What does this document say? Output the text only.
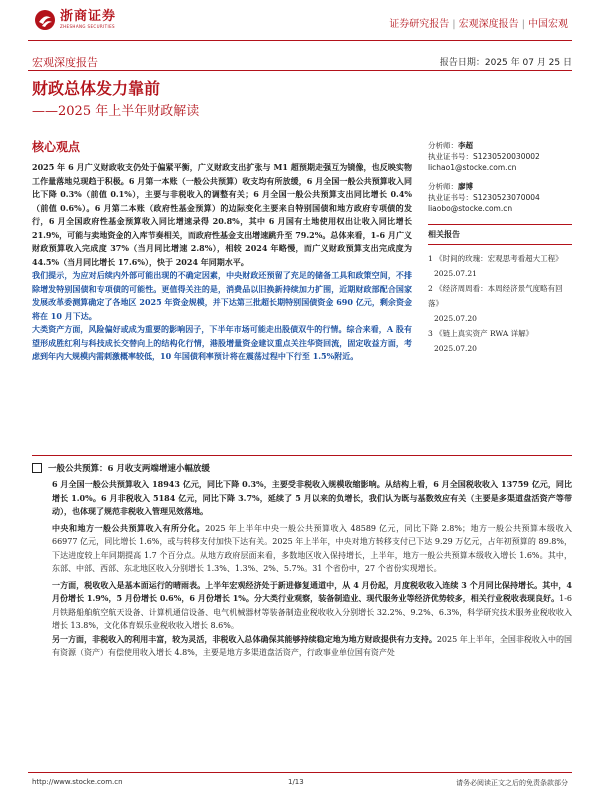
浙商证券
ZHESHANG SECURITIES	证券研究报告 | 宏观深度报告 | 中国宏观
宏观深度报告	报告日期：2025 年 07 月 25 日
财政总体发力靠前
——2025 年上半年财政解读
核心观点

2025 年 6 月广义财政收支仍处于偏紧平衡，广义财政支出扩张与 M1 超预期走强互为镜像，也反映实物工作量落地兑现趋于积极。6 月第一本账（一般公共预算）收支均有所放缓，6 月全国一般公共预算收入同比下降 0.3%（前值 0.1%），主要与非税收入的调整有关；6 月全国一般公共预算支出同比增长 0.4%（前值 0.6%）。6 月第二本账（政府性基金预算）的边际变化主要来自特别国债和地方政府专项债的发行，6 月全国政府性基金预算收入同比增速录得 20.8%，其中 6 月国有土地使用权出让收入同比增长 21.9%，可能与卖地资金的入库节奏相关，而政府性基金支出增速跳升至 79.2%。总体来看，1-6 月广义财政预算收入完成度 37%（当月同比增速 2.8%），相较 2024 年略慢，而广义财政预算支出完成度为 44.5%（当月同比增长 17.6%），快于 2024 年同期水平。

我们提示，为应对后续内外部可能出现的不确定因素，中央财政还预留了充足的储备工具和政策空间，不排除增发特别国债和专项债的可能性。更值得关注的是，消费品以旧换新持续加力扩围，近期财政部配合国家发展改革委测算确定了各地区 2025 年资金规模，并下达第三批超长期特别国债资金 690 亿元，剩余资金将在 10 月下达。

大类资产方面，风险偏好或成为重要的影响因子，下半年市场可能走出股债双牛的行情。综合来看，A 股有望形成胜红利与科技成长交替向上的结构化行情，港股增量资金建议重点关注华资回流，固定收益方面，考虑到年内大规模内需刺激概率较低，10 年国债利率预计将在震荡过程中下行至 1.5%附近。

分析师：李超
执业证书号：S1230520030002
lichao1@stocke.com.cn
分析师：廖博
执业证书号：S1230523070004
liaobo@stocke.com.cn
相关报告
1 《时间的玫瑰：宏观思考看超大工程》
2025.07.21
2 《经济周周看：本周经济景气度略有回落》
2025.07.20
3 《链上真实资产 RWA 详解》
2025.07.20
一般公共预算：6 月收支两端增速小幅放缓

6 月全国一般公共预算收入 18943 亿元，同比下降 0.3%，主要受非税收入规模收缩影响。从结构上看，6 月全国税收收入 13759 亿元，同比增长 1.0%。6 月非税收入 5184 亿元，同比下降 3.7%，延续了 5 月以来的负增长，我们认为既与基数效应有关（主要是多渠道盘活资产等带动），也体现了规范非税收入管理见效落地。

中央和地方一般公共预算收入有所分化。2025 年上半年中央一般公共预算收入 48589 亿元，同比下降 2.8%；地方一般公共预算本级收入 66977 亿元，同比增长 1.6%，或与转移支付加快下达有关。2025 年上半年，中央对地方转移支付已下达 9.29 万亿元，占年初预算的 89.8%，下达进度较上年同期提高 1.7 个百分点。从地方政府层面来看，多数地区收入保持增长，上半年，地方一般公共预算本级收入增长 1.6%。其中，东部、中部、西部、东北地区收入分别增长 1.3%、1.3%、2%、5.7%。31 个省份中，27 个省份实现增长。

一方面，税收收入是基本面运行的晴雨表。上半年宏观经济处于新进修复通道中，从 4 月份起，月度税收收入连续 3 个月同比保持增长。其中，4 月份增长 1.9%，5 月份增长 0.6%，6 月份增长 1%。分大类行业观察，装备制造业、现代服务业等经济优势较多，相关行业税收表现良好。1-6 月铁路船舶航空航天设备、计算机通信设备、电气机械器材等装备制造业税收收入分别增长 32.2%、9.2%、6.3%，科学研究技术服务业税收收入增长 13.8%，文化体育娱乐业税收收入增长 8.6%。

另一方面，非税收入的利用丰富，较为灵活，非税收入总体确保其能够持续稳定地为地方财政提供有力支持。2025 年上半年，全国非税收入中的国有资源（资产）有偿使用收入增长 4.8%，主要是地方多渠道盘活资产，行政事业单位国有资产处

http://www.stocke.com.cn	1/13	请务必阅读正文之后的免责条款部分
